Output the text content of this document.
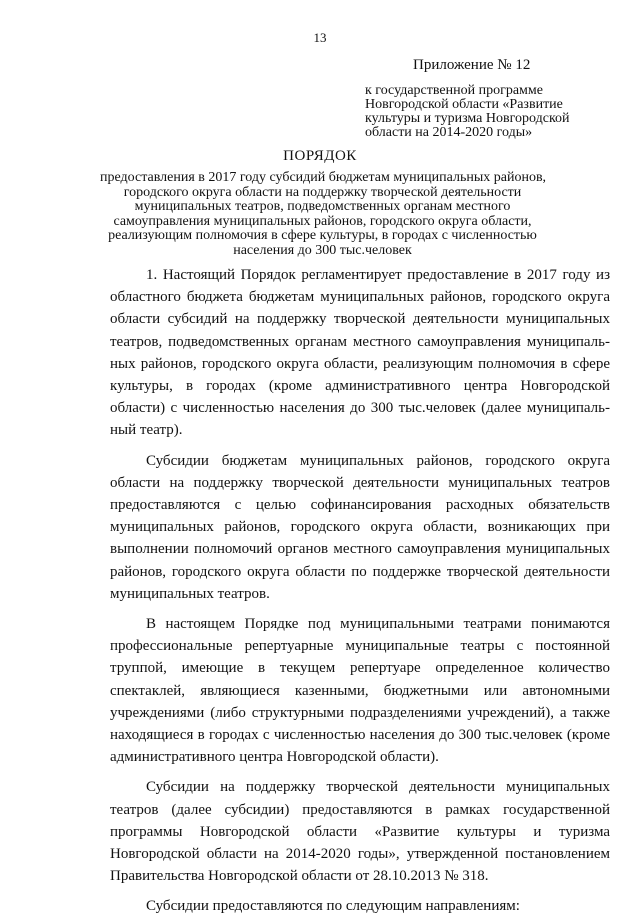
13
Приложение № 12
к государственной программе
Новгородской области «Развитие
культуры и туризма Новгородской
области на 2014-2020 годы»
ПОРЯДОК
предоставления в 2017 году субсидий бюджетам муниципальных районов,
городского округа области на поддержку творческой деятельности
муниципальных театров, подведомственных органам местного
самоуправления муниципальных районов, городского округа области,
реализующим полномочия в сфере культуры, в городах с численностью
населения до 300 тыс.человек

1. Настоящий Порядок регламентирует предоставление в 2017 году из областного бюджета бюджетам муниципальных районов, городского округа области субсидий на поддержку творческой деятельности муниципальных театров, подведомственных органам местного самоуправления муниципальных районов, городского округа области, реализующим полномочия в сфере культуры, в городах (кроме административного центра Новгородской области) с численностью населения до 300 тыс.человек (далее муниципальный театр).

Субсидии бюджетам муниципальных районов, городского округа области на поддержку творческой деятельности муниципальных театров предоставляются с целью софинансирования расходных обязательств муниципальных районов, городского округа области, возникающих при выполнении полномочий органов местного самоуправления муниципальных районов, городского округа области по поддержке творческой деятельности муниципальных театров.

В настоящем Порядке под муниципальными театрами понимаются профессиональные репертуарные муниципальные театры с постоянной труппой, имеющие в текущем репертуаре определенное количество спектаклей, являющиеся казенными, бюджетными или автономными учреждениями (либо структурными подразделениями учреждений), а также находящиеся в городах с численностью населения до 300 тыс.человек (кроме административного центра Новгородской области).

Субсидии на поддержку творческой деятельности муниципальных театров (далее субсидии) предоставляются в рамках государственной программы Новгородской области «Развитие культуры и туризма Новгородской области на 2014-2020 годы», утвержденной постановлением Правительства Новгородской области от 28.10.2013 № 318.

Субсидии предоставляются по следующим направлениям:
